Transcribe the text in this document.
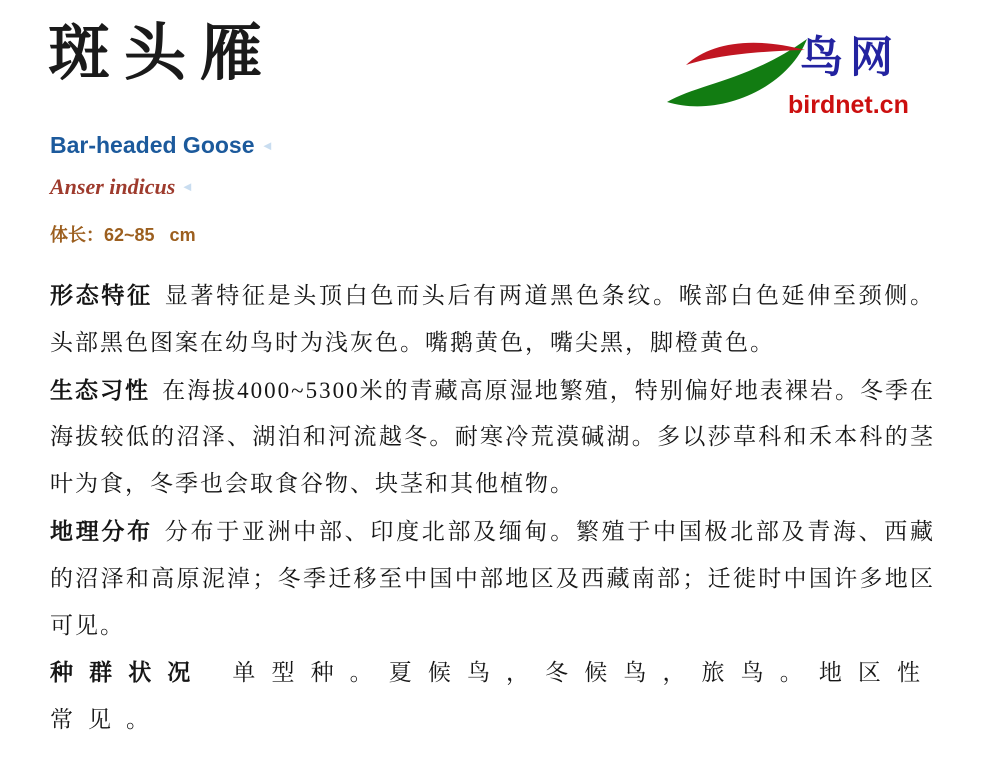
斑头雁	鸟网
birdnet.cn
Bar-headed Goose ◄
Anser indicus ◄
体长：62~85   cm

形态特征 显著特征是头顶白色而头后有两道黑色条纹。喉部白色延伸至颈侧。头部黑色图案在幼鸟时为浅灰色。嘴鹅黄色，嘴尖黑，脚橙黄色。

生态习性 在海拔4000~5300米的青藏高原湿地繁殖，特别偏好地表裸岩。冬季在海拔较低的沼泽、湖泊和河流越冬。耐寒冷荒漠碱湖。多以莎草科和禾本科的茎叶为食，冬季也会取食谷物、块茎和其他植物。

地理分布 分布于亚洲中部、印度北部及缅甸。繁殖于中国极北部及青海、西藏的沼泽和高原泥淖；冬季迁移至中国中部地区及西藏南部；迁徙时中国许多地区可见。

种群状况 单型种。夏候鸟，冬候鸟，旅鸟。地区性常见。
